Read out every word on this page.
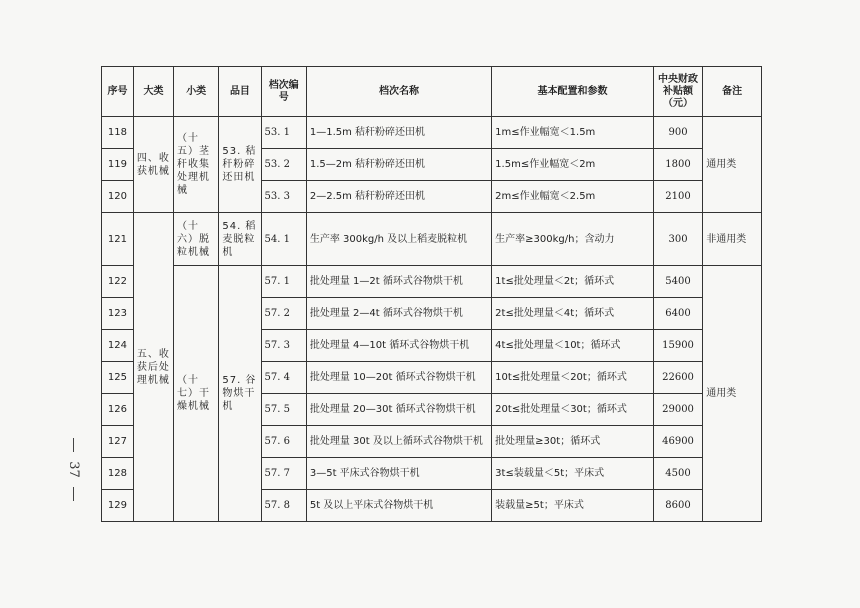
序号	大类	小类	品目	档次编号	档次名称	基本配置和参数	中央财政补贴额（元）	备注
118	四、收获机械	（十五）茎秆收集处理机械	53. 秸秆粉碎还田机	53. 1	1—1.5m 秸秆粉碎还田机	1m≤作业幅宽＜1.5m	900	通用类
119				53. 2	1.5—2m 秸秆粉碎还田机	1.5m≤作业幅宽＜2m	1800	
120				53. 3	2—2.5m 秸秆粉碎还田机	2m≤作业幅宽＜2.5m	2100	
121	五、收获后处理机械	（十六）脱粒机械	54. 稻麦脱粒机	54. 1	生产率 300kg/h 及以上稻麦脱粒机	生产率≥300kg/h；含动力	300	非通用类
122		（十七）干燥机械	57. 谷物烘干机	57. 1	批处理量 1—2t 循环式谷物烘干机	1t≤批处理量＜2t；循环式	5400	通用类
123				57. 2	批处理量 2—4t 循环式谷物烘干机	2t≤批处理量＜4t；循环式	6400	
124				57. 3	批处理量 4—10t 循环式谷物烘干机	4t≤批处理量＜10t；循环式	15900	
125				57. 4	批处理量 10—20t 循环式谷物烘干机	10t≤批处理量＜20t；循环式	22600	
126				57. 5	批处理量 20—30t 循环式谷物烘干机	20t≤批处理量＜30t；循环式	29000	
127				57. 6	批处理量 30t 及以上循环式谷物烘干机	批处理量≥30t；循环式	46900	
128				57. 7	3—5t 平床式谷物烘干机	3t≤装载量＜5t；平床式	4500	
129				57. 8	5t 及以上平床式谷物烘干机	装载量≥5t；平床式	8600	
37
